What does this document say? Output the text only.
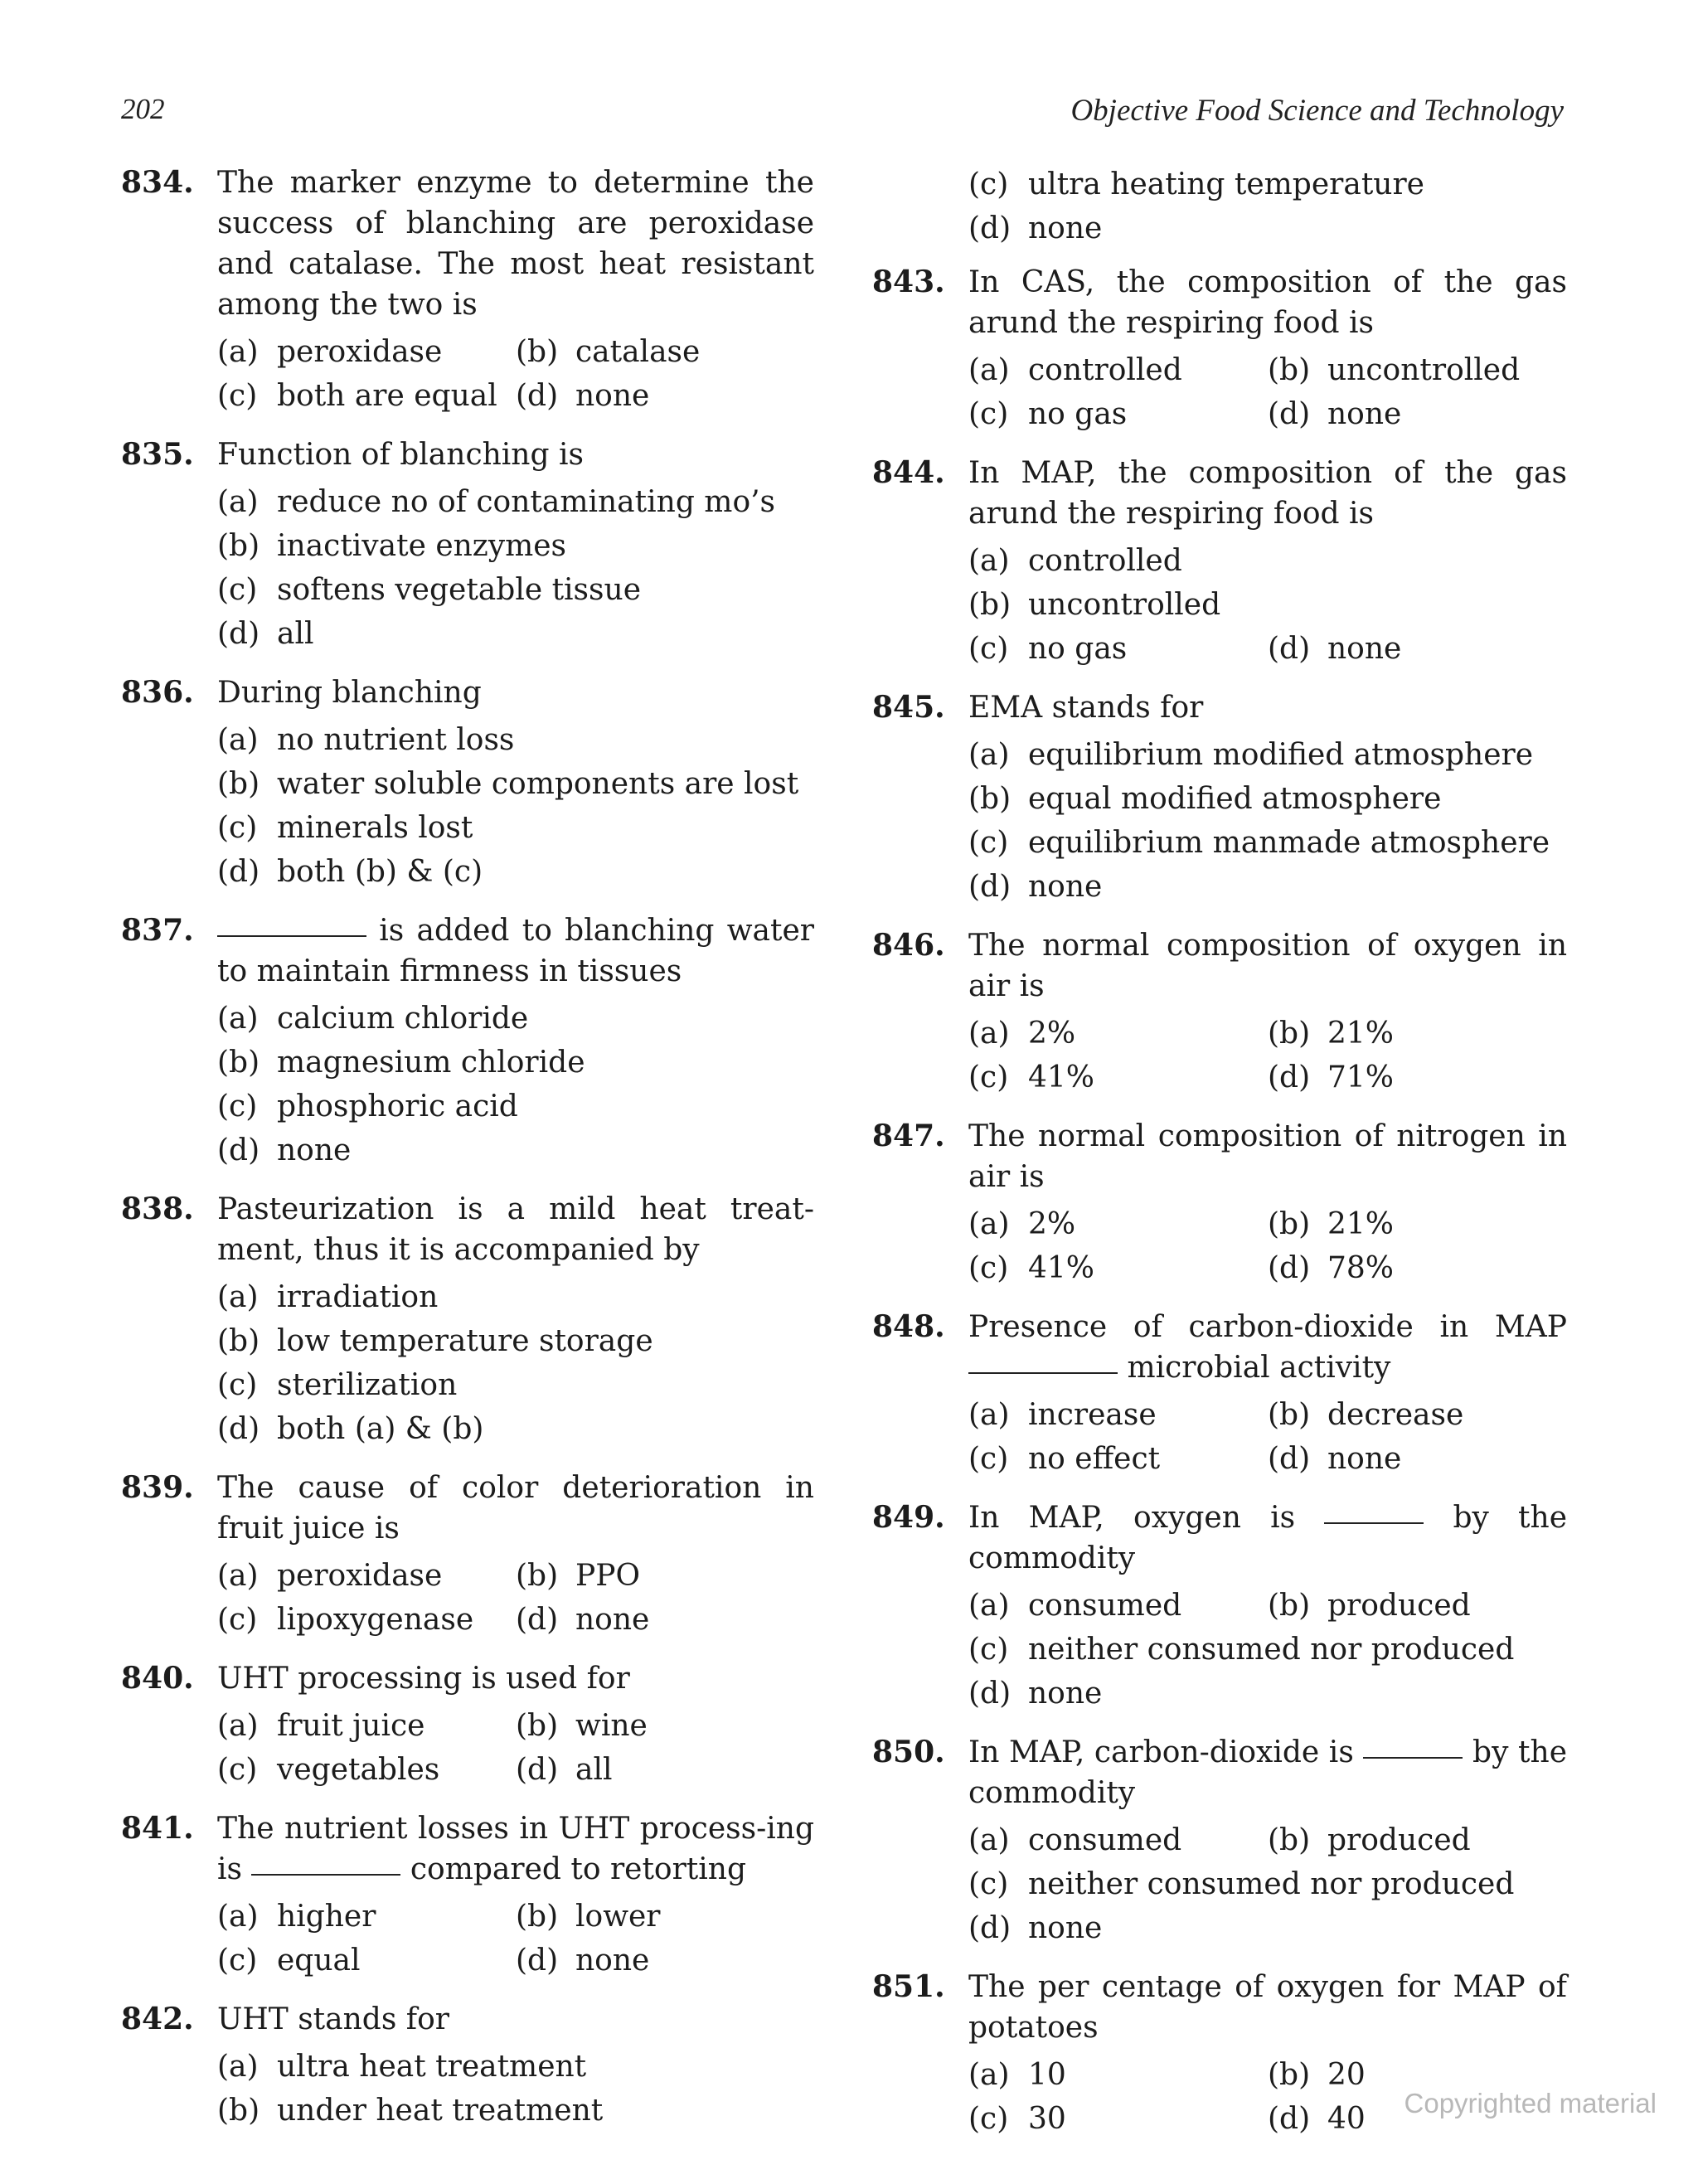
202	Objective Food Science and Technology
834. The marker enzyme to determine the success of blanching are peroxidase and catalase. The most heat resistant among the two is
(a) peroxidase (b) catalase
(c) both are equal (d) none
835. Function of blanching is
(a) reduce no of contaminating mo’s
(b) inactivate enzymes
(c) softens vegetable tissue
(d) all
836. During blanching
(a) no nutrient loss
(b) water soluble components are lost
(c) minerals lost
(d) both (b) & (c)
837.	is added to blanching water to maintain firmness in tissues
(a) calcium chloride
(b) magnesium chloride
(c) phosphoric acid
(d) none
838. Pasteurization is a mild heat treat-ment, thus it is accompanied by
(a) irradiation
(b) low temperature storage
(c) sterilization
(d) both (a) & (b)
839. The cause of color deterioration in fruit juice is
(a) peroxidase (b) PPO
(c) lipoxygenase (d) none
840. UHT processing is used for
(a) fruit juice	(b) wine
(c) vegetables	(d) all
841. The nutrient losses in UHT process-ing is	compared to retorting
(a) higher	(b) lower
(c) equal	(d) none
842. UHT stands for
(a) ultra heat treatment
(b) under heat treatment
(c) ultra heating temperature
(d) none
843. In CAS, the composition of the gas arund the respiring food is
(a) controlled	(b) uncontrolled
(c) no gas	(d) none
844. In MAP, the composition of the gas arund the respiring food is
(a) controlled
(b) uncontrolled
(c) no gas	(d) none
845. EMA stands for
(a) equilibrium modified atmosphere
(b) equal modified atmosphere
(c) equilibrium manmade atmosphere
(d) none
846. The normal composition of oxygen in air is
(a) 2%	(b) 21%
(c) 41%	(d) 71%
847. The normal composition of nitrogen in air is
(a) 2%	(b) 21%
(c) 41%	(d) 78%
848. Presence of carbon-dioxide in MAP  microbial activity
(a) increase	(b) decrease
(c) no effect	(d) none
849. In MAP, oxygen is	by the commodity
(a) consumed	(b) produced
(c) neither consumed nor produced
(d) none
850. In MAP, carbon-dioxide is	by the commodity
(a) consumed	(b) produced
(c) neither consumed nor produced
(d) none
851. The per centage of oxygen for MAP of potatoes
(a) 10	(b) 20
(c) 30	(d) 40 Copyrighted material
